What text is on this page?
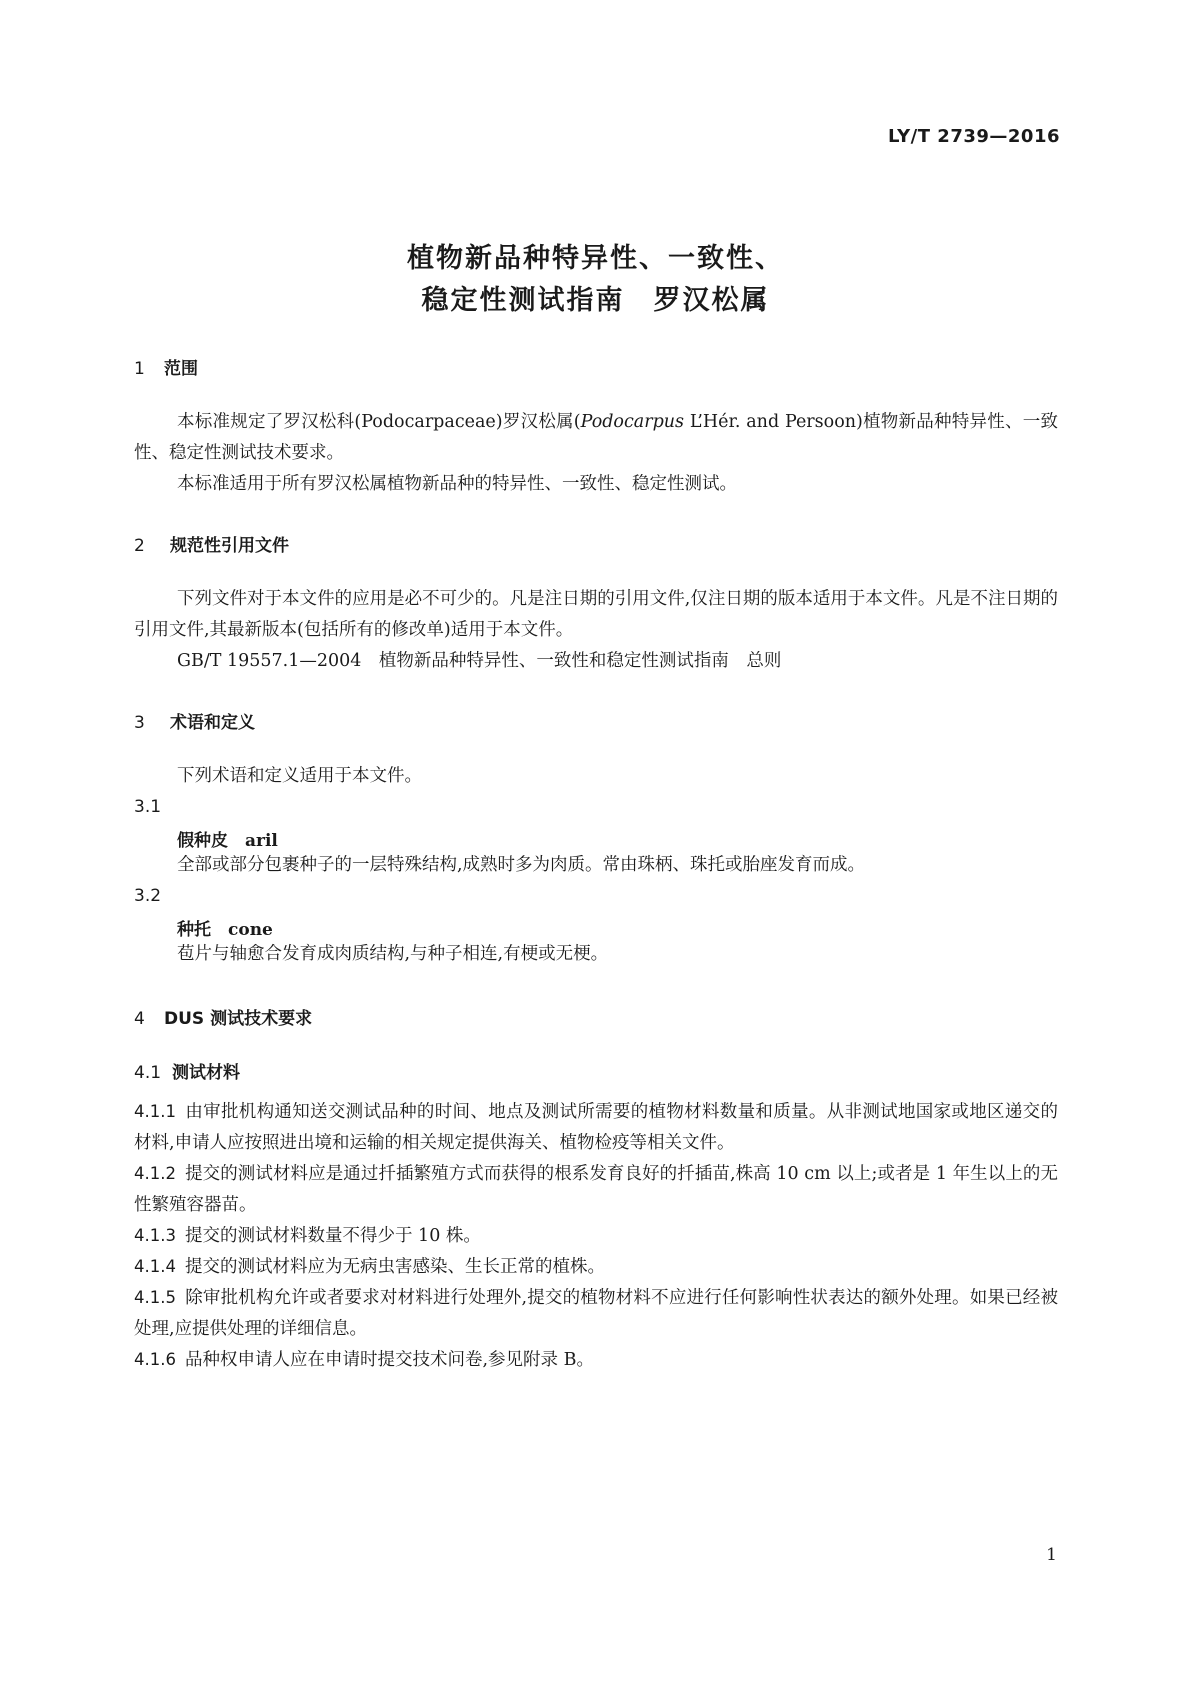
LY/T 2739—2016
植物新品种特异性、一致性、
稳定性测试指南　罗汉松属
1 范围
本标准规定了罗汉松科(Podocarpaceae)罗汉松属(Podocarpus L’Hér. and Persoon)植物新品种特异性、一致性、稳定性测试技术要求。
本标准适用于所有罗汉松属植物新品种的特异性、一致性、稳定性测试。
2 规范性引用文件
下列文件对于本文件的应用是必不可少的。凡是注日期的引用文件,仅注日期的版本适用于本文件。凡是不注日期的引用文件,其最新版本(包括所有的修改单)适用于本文件。
GB/T 19557.1—2004　植物新品种特异性、一致性和稳定性测试指南　总则
3 术语和定义
下列术语和定义适用于本文件。
3.1
假种皮　aril
全部或部分包裹种子的一层特殊结构,成熟时多为肉质。常由珠柄、珠托或胎座发育而成。
3.2
种托　cone
苞片与轴愈合发育成肉质结构,与种子相连,有梗或无梗。
4 DUS 测试技术要求
4.1 测试材料
4.1.1 由审批机构通知送交测试品种的时间、地点及测试所需要的植物材料数量和质量。从非测试地国家或地区递交的材料,申请人应按照进出境和运输的相关规定提供海关、植物检疫等相关文件。
4.1.2 提交的测试材料应是通过扦插繁殖方式而获得的根系发育良好的扦插苗,株高 10 cm 以上;或者是 1 年生以上的无性繁殖容器苗。
4.1.3 提交的测试材料数量不得少于 10 株。
4.1.4 提交的测试材料应为无病虫害感染、生长正常的植株。
4.1.5 除审批机构允许或者要求对材料进行处理外,提交的植物材料不应进行任何影响性状表达的额外处理。如果已经被处理,应提供处理的详细信息。
4.1.6 品种权申请人应在申请时提交技术问卷,参见附录 B。
1
